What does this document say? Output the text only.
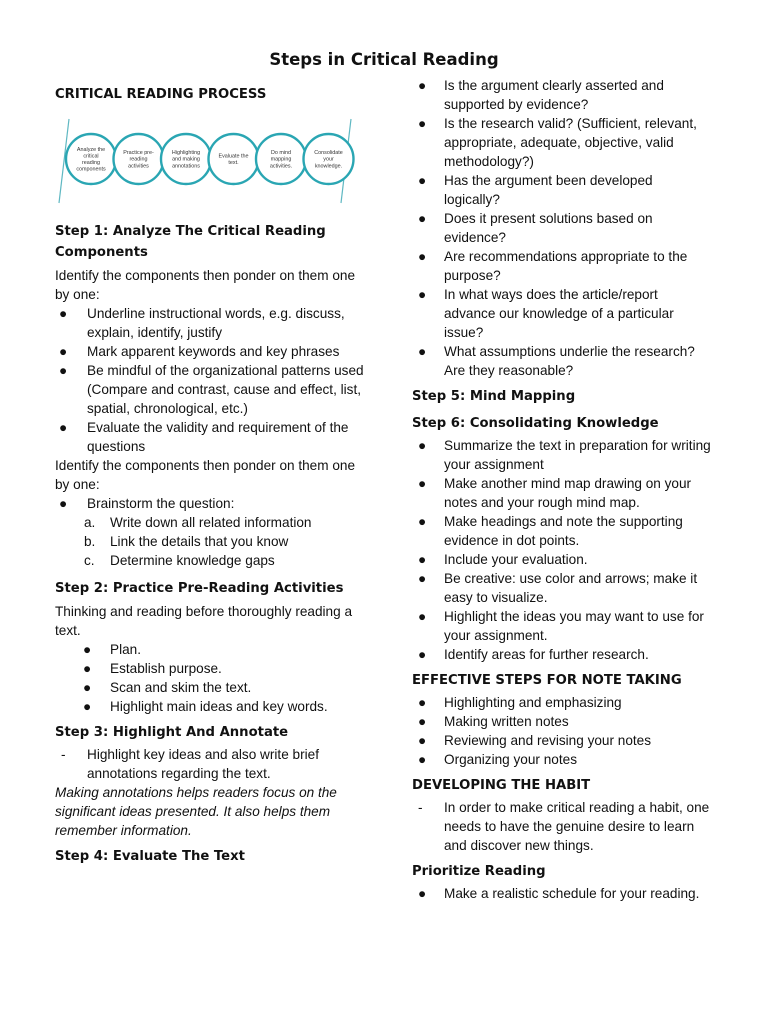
Steps in Critical Reading
CRITICAL READING PROCESS
Analyze the
critical
reading
components
Practice pre-
reading
activities
Highlighting
and making
annotations
Evaluate the
text.
Do mind
mapping
activities.
Consolidate
your
knowledge.
Step 1: Analyze The Critical Reading Components

Identify the components then ponder on them one by one:

● Underline instructional words, e.g. discuss, explain, identify, justify
● Mark apparent keywords and key phrases
● Be mindful of the organizational patterns used (Compare and contrast, cause and effect, list, spatial, chronological, etc.)
● Evaluate the validity and requirement of the questions

Identify the components then ponder on them one by one:

● Brainstorm the question:
a. Write down all related information
b. Link the details that you know
c. Determine knowledge gaps
Step 2: Practice Pre-Reading Activities

Thinking and reading before thoroughly reading a text.

● Plan.
● Establish purpose.
● Scan and skim the text.
● Highlight main ideas and key words.
Step 3: Highlight And Annotate
- Highlight key ideas and also write brief annotations regarding the text.

Making annotations helps readers focus on the significant ideas presented. It also helps them remember information.

Step 4: Evaluate The Text
● Is the argument clearly asserted and supported by evidence?
● Is the research valid? (Sufficient, relevant, appropriate, adequate, objective, valid methodology?)
● Has the argument been developed logically?
● Does it present solutions based on evidence?
● Are recommendations appropriate to the purpose?
● In what ways does the article/report advance our knowledge of a particular issue?
● What assumptions underlie the research? Are they reasonable?
Step 5: Mind Mapping
Step 6: Consolidating Knowledge
● Summarize the text in preparation for writing your assignment
● Make another mind map drawing on your notes and your rough mind map.
● Make headings and note the supporting evidence in dot points.
● Include your evaluation.
● Be creative: use color and arrows; make it easy to visualize.
● Highlight the ideas you may want to use for your assignment.
● Identify areas for further research.
EFFECTIVE STEPS FOR NOTE TAKING
● Highlighting and emphasizing
● Making written notes
● Reviewing and revising your notes
● Organizing your notes
DEVELOPING THE HABIT
- In order to make critical reading a habit, one needs to have the genuine desire to learn and discover new things.
Prioritize Reading
● Make a realistic schedule for your reading.
